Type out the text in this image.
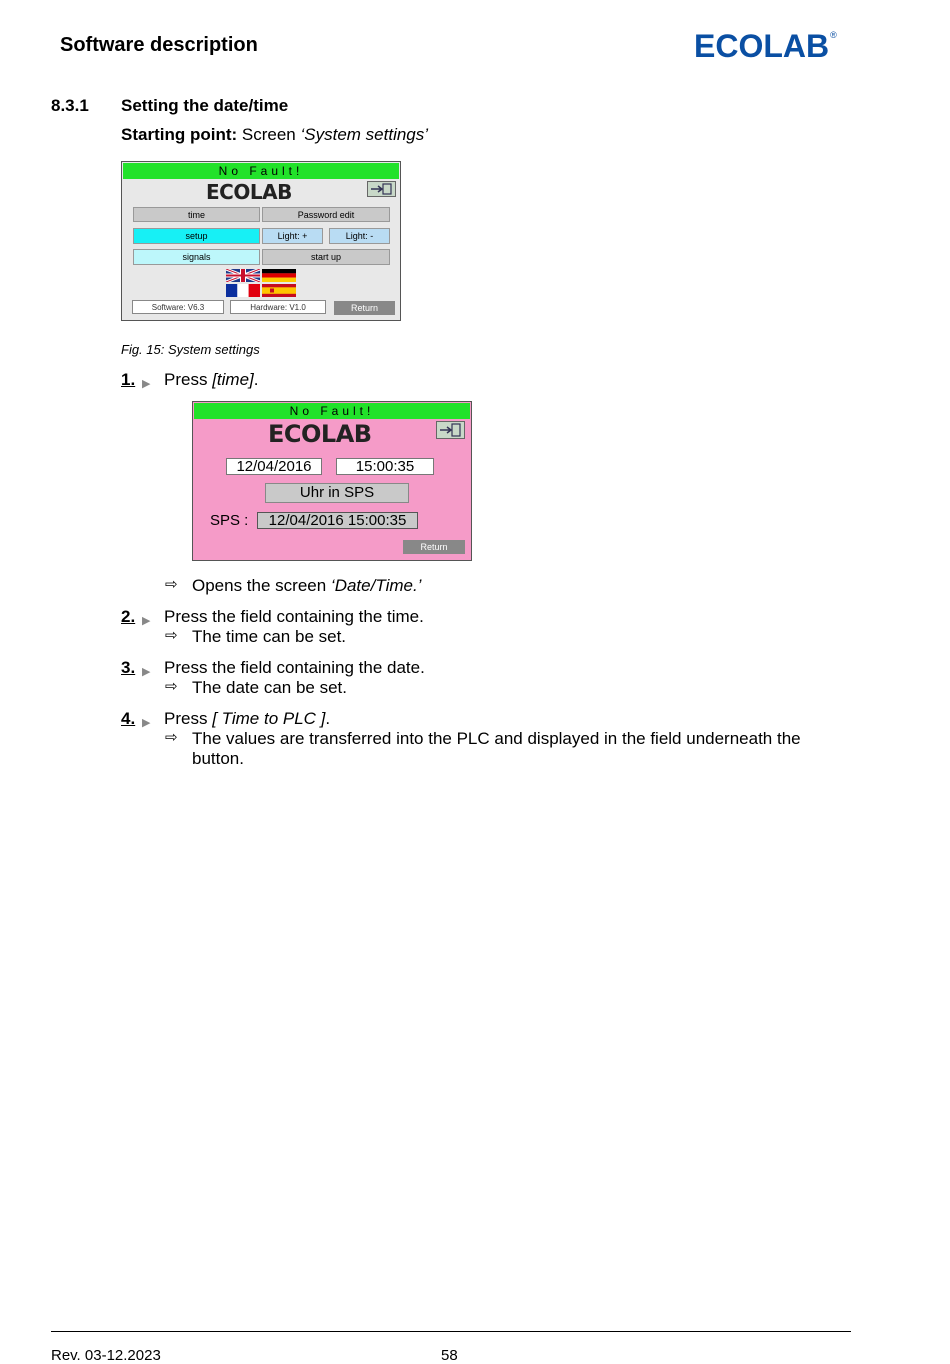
Software description	ECOLAB ®
8.3.1 Setting the date/time
Starting point: Screen ‘System settings’
No Fault!
ECOLAB
time	Password edit
setup	Light: +	Light: -
signals	start up
Software: V6.3	Hardware: V1.0	Return
Fig. 15: System settings
1. ▶ Press [time].
No Fault!
ECOLAB
12/04/2016	15:00:35
Uhr in SPS
SPS :	12/04/2016 15:00:35
Return
⇨ Opens the screen ‘Date/Time.’
2. ▶ Press the field containing the time.
⇨ The time can be set.
3. ▶ Press the field containing the date.
⇨ The date can be set.
4. ▶ Press [ Time to PLC ].
⇨ The values are transferred into the PLC and displayed in the field underneath the
button.
Rev. 03-12.2023	58
